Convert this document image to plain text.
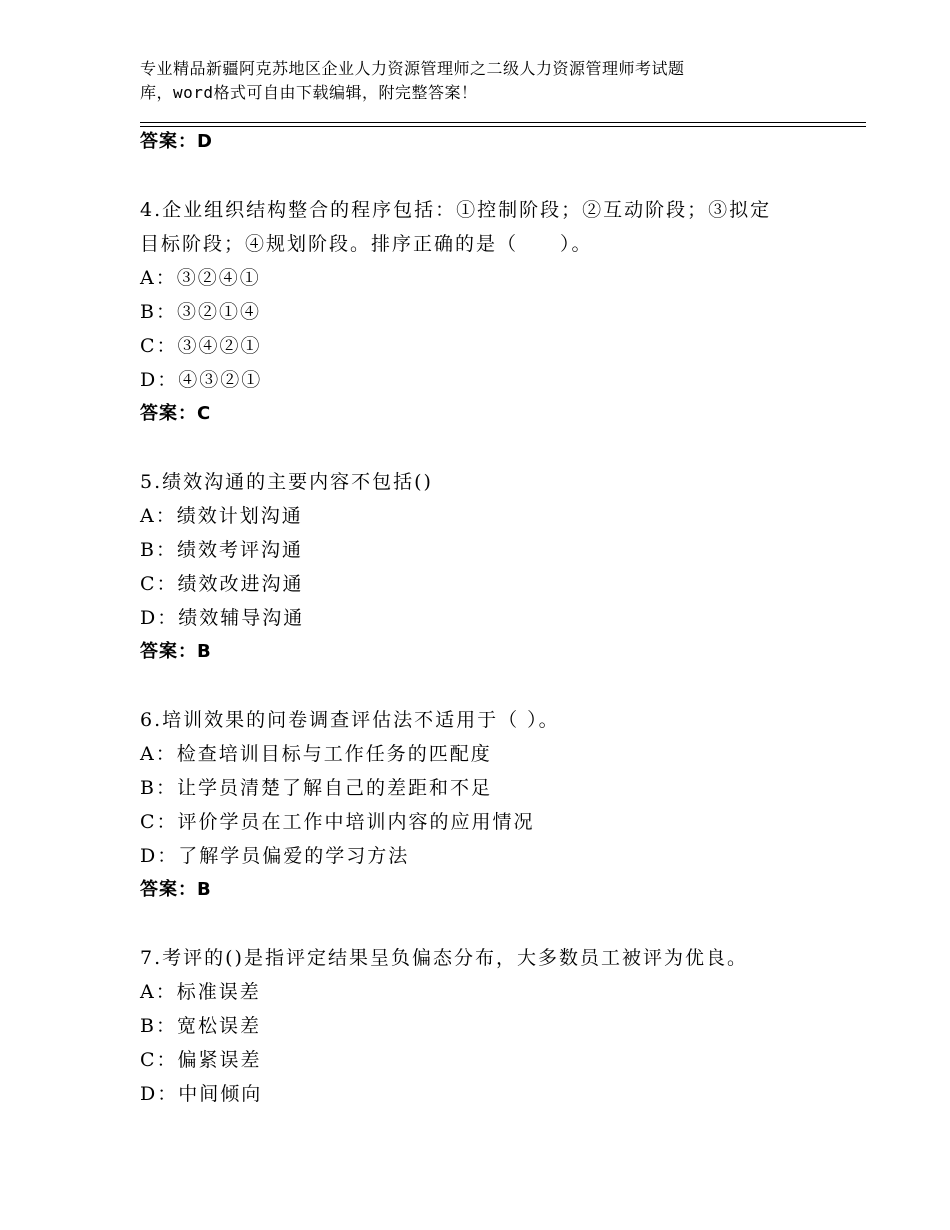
专业精品新疆阿克苏地区企业人力资源管理师之二级人力资源管理师考试题
库，word格式可自由下载编辑，附完整答案！
答案：D
4.企业组织结构整合的程序包括：①控制阶段；②互动阶段；③拟定
目标阶段；④规划阶段。排序正确的是（　　）。
A：③②④①
B：③②①④
C：③④②①
D：④③②①
答案：C
5.绩效沟通的主要内容不包括()
A：绩效计划沟通
B：绩效考评沟通
C：绩效改进沟通
D：绩效辅导沟通
答案：B
6.培训效果的问卷调查评估法不适用于（ ）。
A：检查培训目标与工作任务的匹配度
B：让学员清楚了解自己的差距和不足
C：评价学员在工作中培训内容的应用情况
D：了解学员偏爱的学习方法
答案：B
7.考评的()是指评定结果呈负偏态分布，大多数员工被评为优良。
A：标准误差
B：宽松误差
C：偏紧误差
D：中间倾向
